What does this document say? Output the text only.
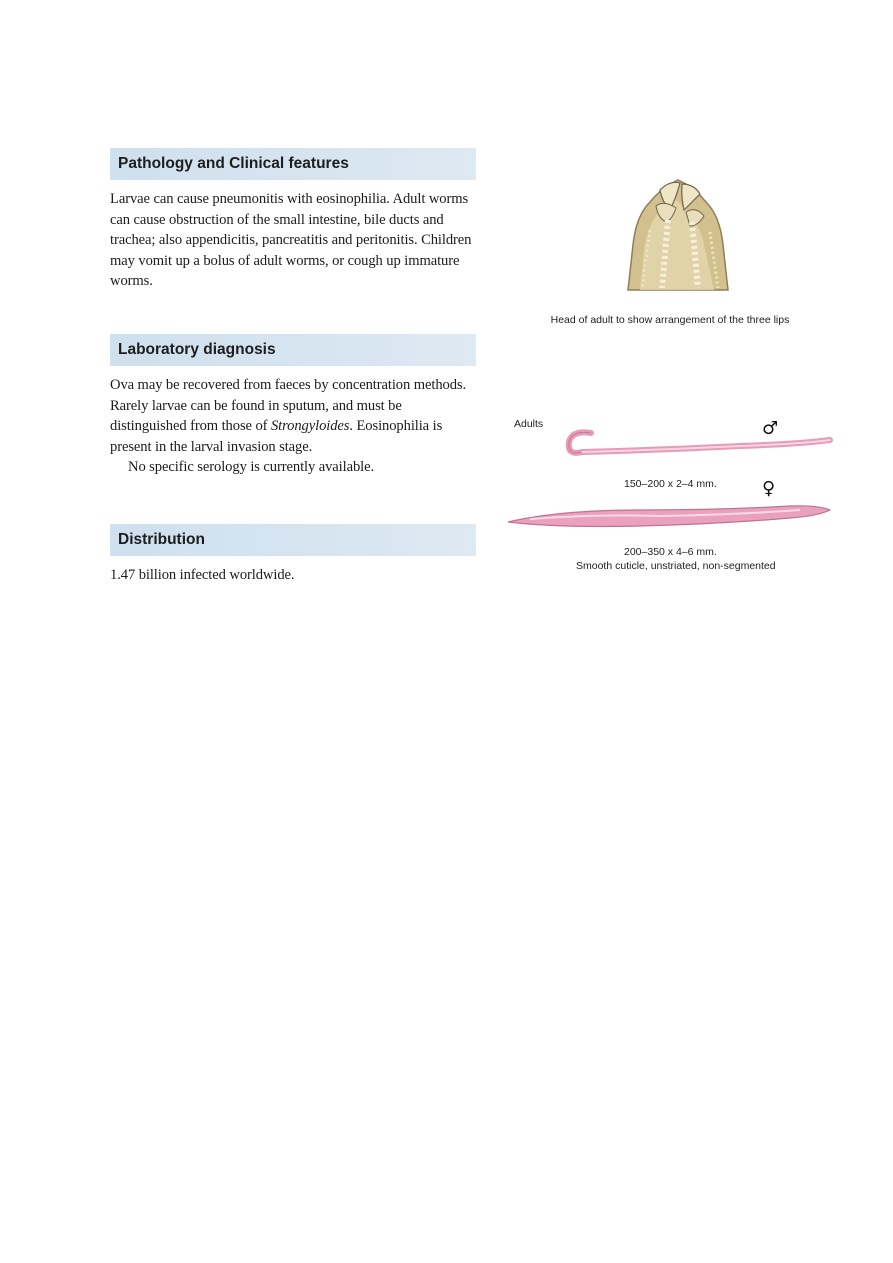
Pathology and Clinical features

Larvae can cause pneumonitis with eosinophilia. Adult worms

can cause obstruction of the small intestine, bile ducts and

trachea; also appendicitis, pancreatitis and peritonitis. Children

may vomit up a bolus of adult worms, or cough up immature

worms.

Laboratory diagnosis

Ova may be recovered from faeces by concentration methods.

Rarely larvae can be found in sputum, and must be

distinguished from those of Strongyloides. Eosinophilia is

present in the larval invasion stage.

No specific serology is currently available.

Distribution
1.47 billion infected worldwide.
Head of adult to show arrangement of the three lips
Adults	♂
150–200 x 2–4 mm.	♀
200–350 x 4–6 mm.
Smooth cuticle, unstriated, non-segmented
